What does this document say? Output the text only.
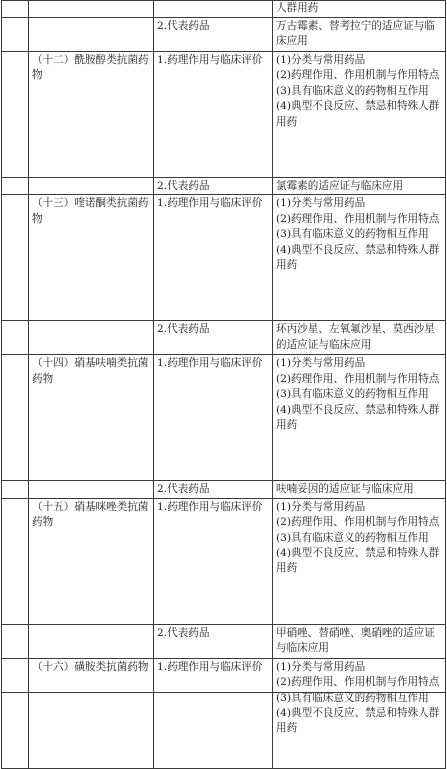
			人群用药

		2.代表药品	万古霉素、替考拉宁的适应证与临床应用

	（十二）酰胺醇类抗菌药物	1.药理作用与临床评价	(1)分类与常用药品
(2)药理作用、作用机制与作用特点
(3)具有临床意义的药物相互作用
(4)典型不良反应、禁忌和特殊人群用药

		2.代表药品	氯霉素的适应证与临床应用

	（十三）喹诺酮类抗菌药物	1.药理作用与临床评价	(1)分类与常用药品
(2)药理作用、作用机制与作用特点
(3)具有临床意义的药物相互作用
(4)典型不良反应、禁忌和特殊人群用药

		2.代表药品	环丙沙星、左氧氟沙星、莫西沙星的适应证与临床应用

	（十四）硝基呋喃类抗菌药物	1.药理作用与临床评价	(1)分类与常用药品
(2)药理作用、作用机制与作用特点
(3)具有临床意义的药物相互作用
(4)典型不良反应、禁忌和特殊人群用药

		2.代表药品	呋喃妥因的适应证与临床应用

	（十五）硝基咪唑类抗菌药物	1.药理作用与临床评价	(1)分类与常用药品
(2)药理作用、作用机制与作用特点
(3)具有临床意义的药物相互作用
(4)典型不良反应、禁忌和特殊人群用药

		2.代表药品	甲硝唑、替硝唑、奥硝唑的适应证与临床应用

	（十六）磺胺类抗菌药物	1.药理作用与临床评价	(1)分类与常用药品
(2)药理作用、作用机制与作用特点
(3)具有临床意义的药物相互作用
(4)典型不良反应、禁忌和特殊人群用药
